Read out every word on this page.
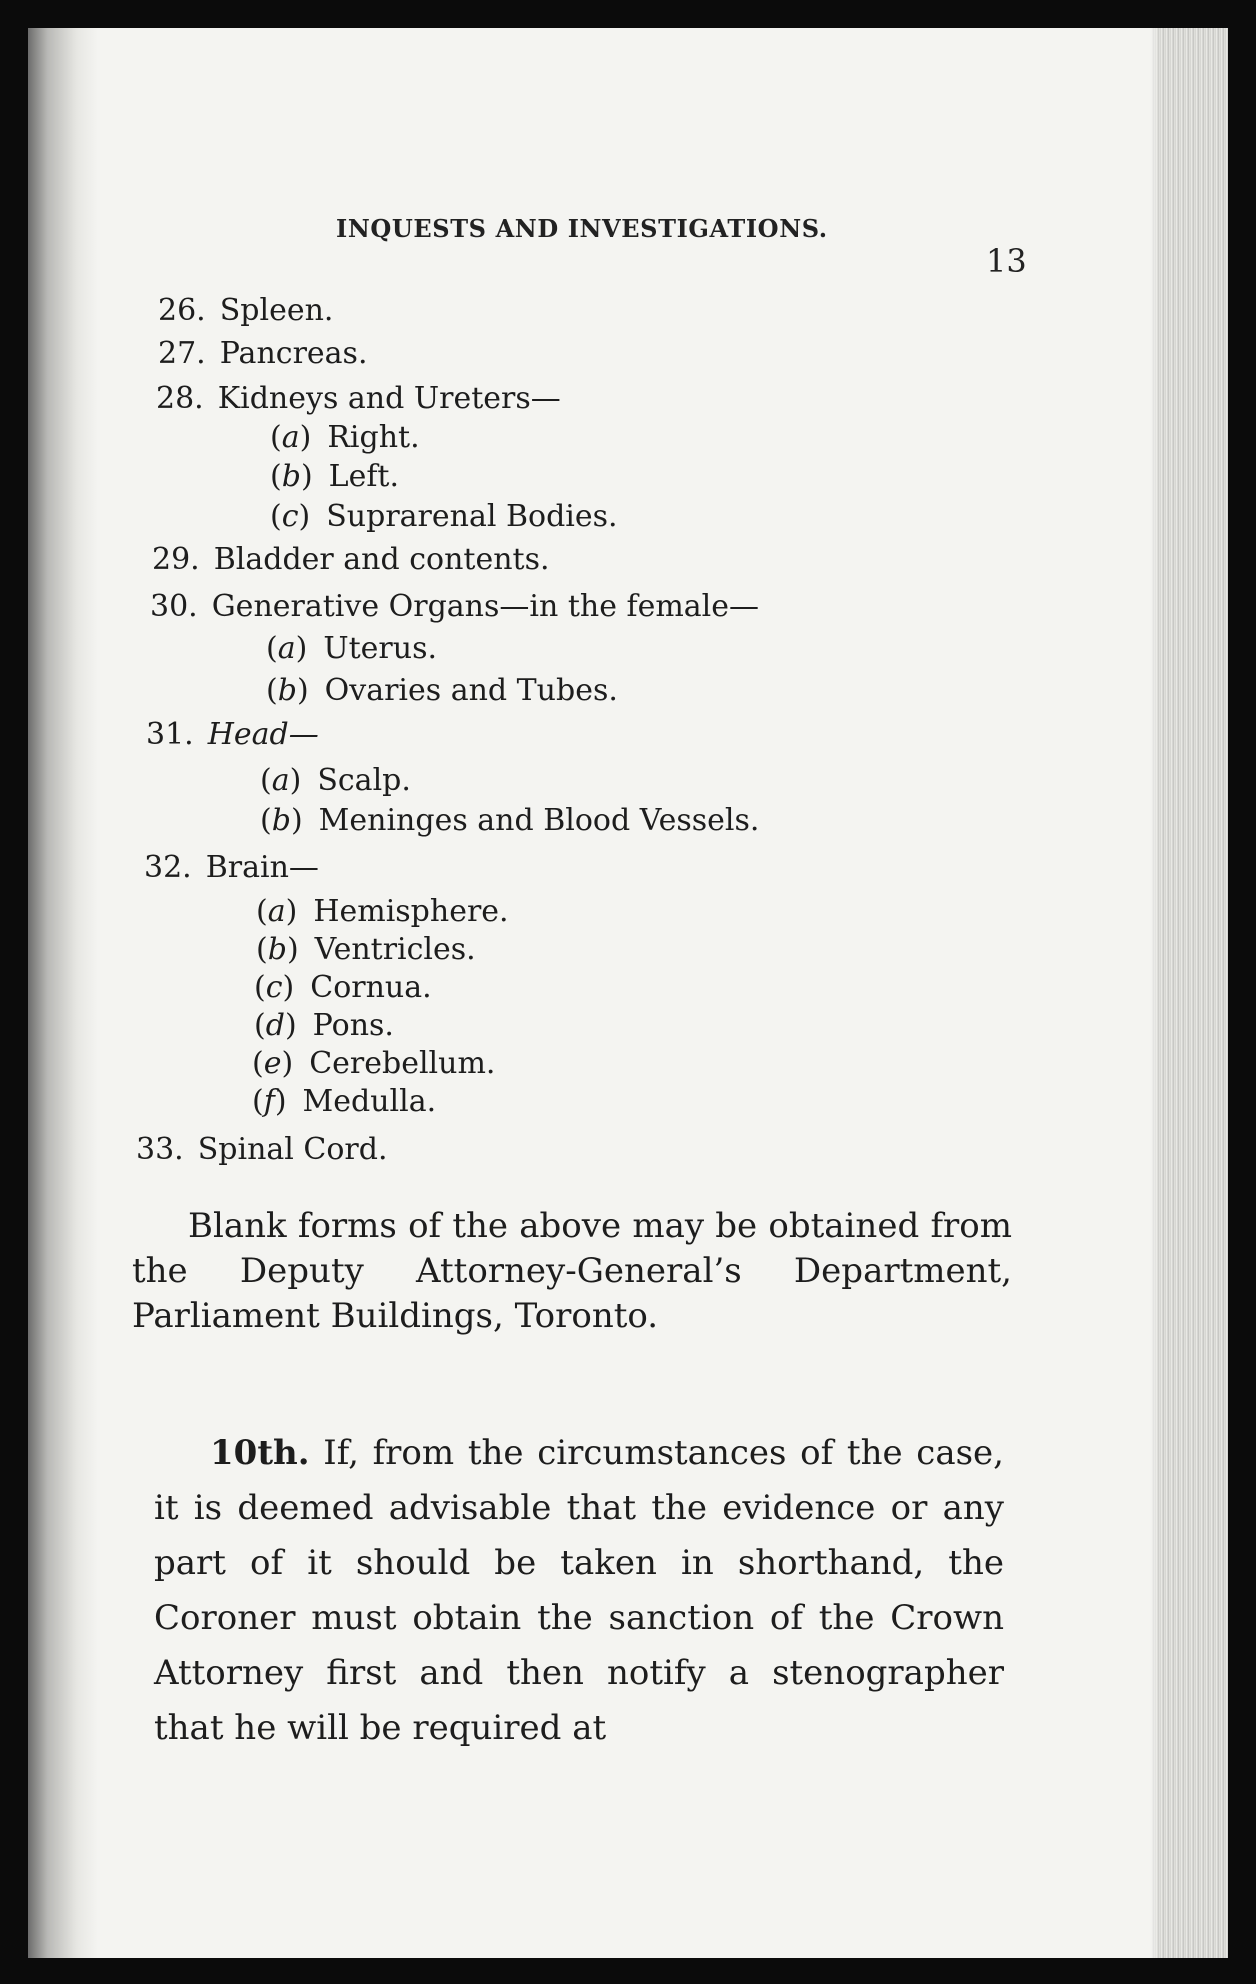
INQUESTS AND INVESTIGATIONS.
13
26. Spleen.
27. Pancreas.
28. Kidneys and Ureters—
(a) Right.
(b) Left.
(c) Suprarenal Bodies.
29. Bladder and contents.
30. Generative Organs—in the female—
(a) Uterus.
(b) Ovaries and Tubes.
31. Head—
(a) Scalp.
(b) Meninges and Blood Vessels.
32. Brain—
(a) Hemisphere.
(b) Ventricles.
(c) Cornua.
(d) Pons.
(e) Cerebellum.
(f) Medulla.
33. Spinal Cord.
Blank forms of the above may be obtained from the Deputy Attorney-General’s Department, Parliament Buildings, Toronto.
10th. If, from the circumstances of the case, it is deemed advisable that the evidence or any part of it should be taken in shorthand, the Coroner must obtain the sanction of the Crown Attorney first and then notify a stenographer that he will be required at
